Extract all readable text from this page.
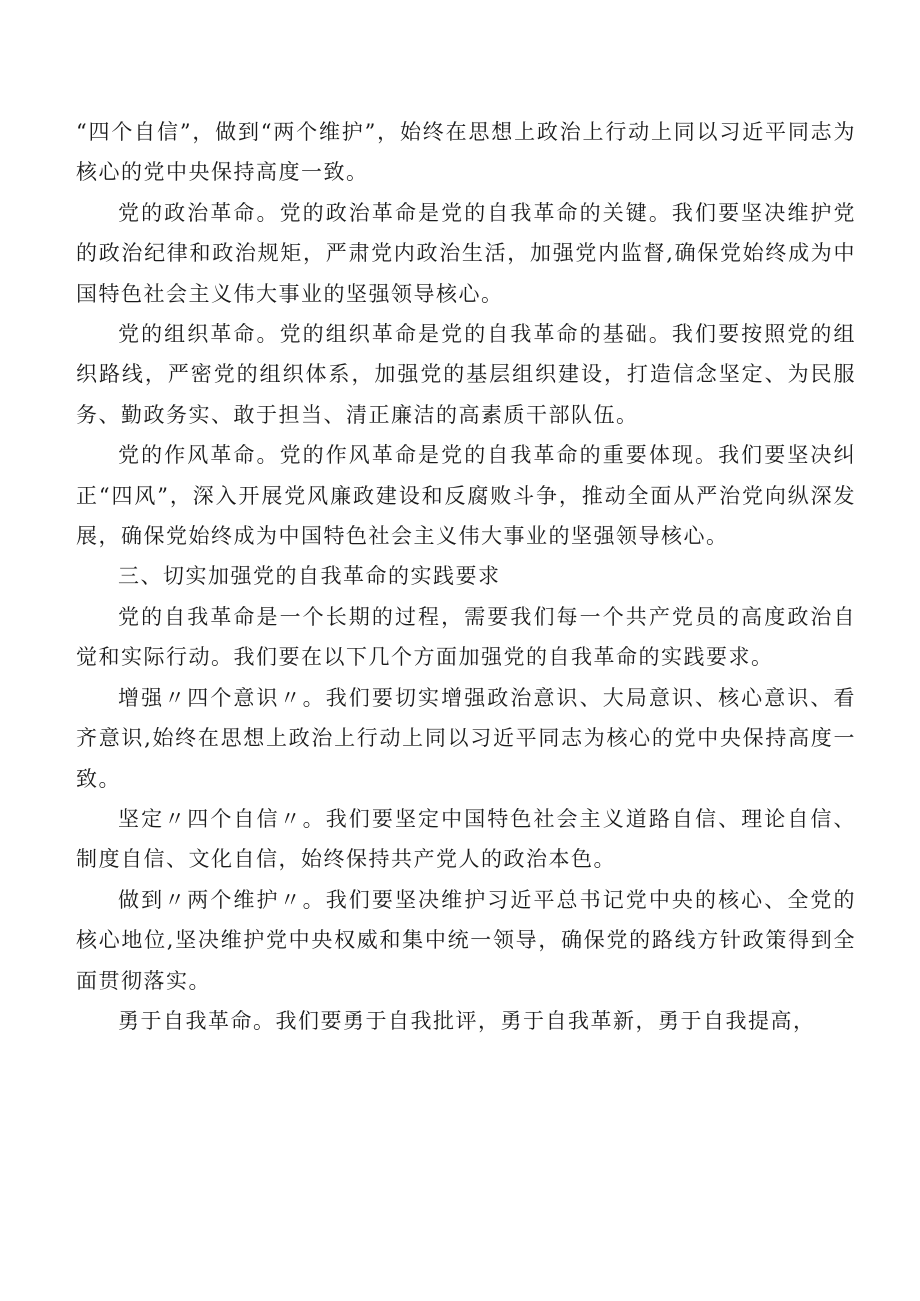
“四个自信”，做到“两个维护”，始终在思想上政治上行动上同以习近平同志为核心的党中央保持高度一致。

党的政治革命。党的政治革命是党的自我革命的关键。我们要坚决维护党的政治纪律和政治规矩，严肃党内政治生活，加强党内监督,确保党始终成为中国特色社会主义伟大事业的坚强领导核心。

党的组织革命。党的组织革命是党的自我革命的基础。我们要按照党的组织路线，严密党的组织体系，加强党的基层组织建设，打造信念坚定、为民服务、勤政务实、敢于担当、清正廉洁的高素质干部队伍。

党的作风革命。党的作风革命是党的自我革命的重要体现。我们要坚决纠正“四风”，深入开展党风廉政建设和反腐败斗争，推动全面从严治党向纵深发展，确保党始终成为中国特色社会主义伟大事业的坚强领导核心。

三、切实加强党的自我革命的实践要求

党的自我革命是一个长期的过程，需要我们每一个共产党员的高度政治自觉和实际行动。我们要在以下几个方面加强党的自我革命的实践要求。

增强〃四个意识〃。我们要切实增强政治意识、大局意识、核心意识、看齐意识,始终在思想上政治上行动上同以习近平同志为核心的党中央保持高度一致。

坚定〃四个自信〃。我们要坚定中国特色社会主义道路自信、理论自信、制度自信、文化自信，始终保持共产党人的政治本色。

做到〃两个维护〃。我们要坚决维护习近平总书记党中央的核心、全党的核心地位,坚决维护党中央权威和集中统一领导，确保党的路线方针政策得到全面贯彻落实。

勇于自我革命。我们要勇于自我批评，勇于自我革新，勇于自我提高，
